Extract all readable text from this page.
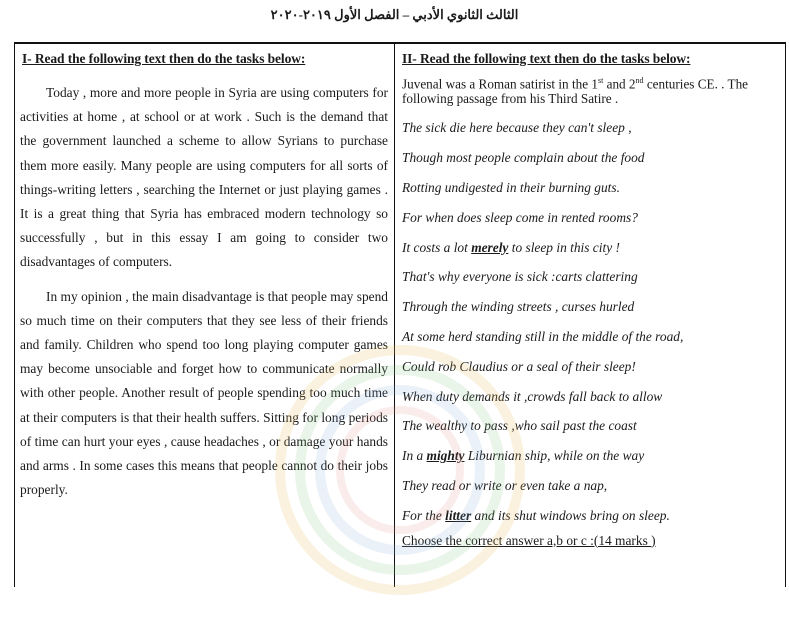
الثالث الثانوي الأدبي – الفصل الأول ٢٠١٩-٢٠٢٠
I- Read the following text then do the tasks below:

Today , more and more people in Syria are using computers for activities at home , at school or at work . Such is the demand that the government launched a scheme to allow Syrians to purchase them more easily. Many people are using computers for all sorts of things-writing letters , searching the Internet or just playing games . It is a great thing that Syria has embraced modern technology so successfully , but in this essay I am going to consider two disadvantages of computers.

In my opinion , the main disadvantage is that people may spend so much time on their computers that they see less of their friends and family. Children who spend too long playing computer games may become unsociable and forget how to communicate normally with other people. Another result of people spending too much time at their computers is that their health suffers. Sitting for long periods of time can hurt your eyes , cause headaches , or damage your hands and arms . In some cases this means that people cannot do their jobs properly.

II- Read the following text then do the tasks below:

Juvenal was a Roman satirist in the 1st and 2nd centuries CE. . The following passage from his Third Satire .

The sick die here because they can't sleep ,
Though most people complain about the food
Rotting undigested in their burning guts.
For when does sleep come in rented rooms?
It costs a lot merely to sleep in this city !
That's why everyone is sick :carts clattering
Through the winding streets , curses hurled
At some herd standing still in the middle of the road,
Could rob Claudius or a seal of their sleep!
When duty demands it ,crowds fall back to allow
The wealthy to pass ,who sail past the coast
In a mighty Liburnian ship, while on the way
They read or write or even take a nap,
For the litter and its shut windows bring on sleep.
Choose the correct answer a,b or c :(14 marks )
